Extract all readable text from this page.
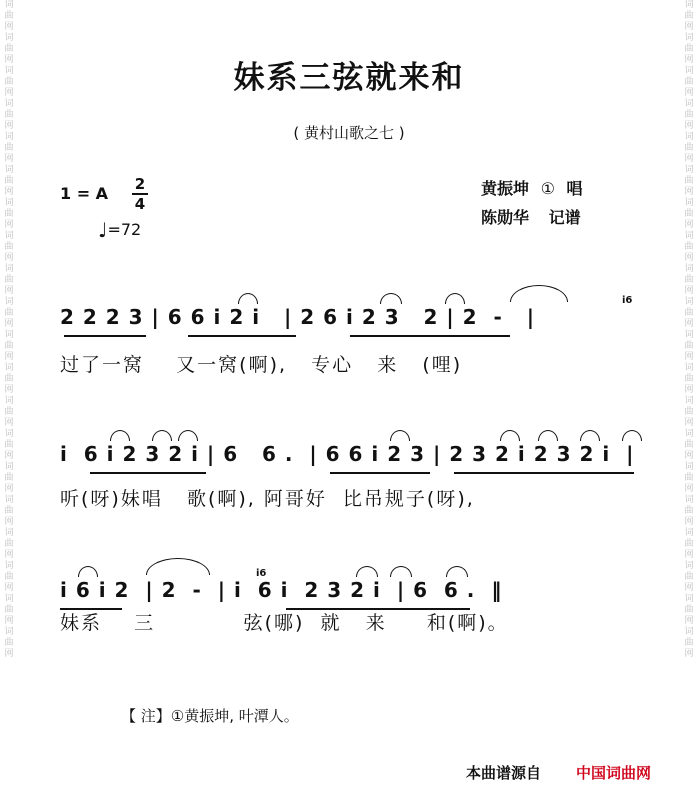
词
曲
网
词
曲
网
词
曲
网
词
曲
网
词
曲
网
词
曲
网
词
曲
网
词
曲
网
词
曲
网
词
曲
网
词
曲
网
词
曲
网
词
曲
网
词
曲
网
词
曲
网
词
曲
网
词
曲
网
词
曲
网
词
曲
网
词
曲
网
词
曲
网
词
曲
网
词
曲
网
词
曲
网
词
曲
网
词
曲
网
词
曲
网
词
曲
网
词
曲
网
词
曲
网
词
曲
网
词
曲
网
词
曲
网
词
曲
网
词
曲
网
词
曲
网
词
曲
网
词
曲
网
词
曲
网
词
曲
网
妹系三弦就来和
( 黄村山歌之七 )
1 = A 2
4
♩ =72
黄振坤 ① 唱
陈勋华 记谱
2 2 2 3 | 6 6 i 2 i   | 2 6 i 2 3   2 | 2  -   |
i6
过了一窝    又一窝(啊),   专心   来   (哩)
i  6 i 2 3 2 i | 6   6 .  | 6 6 i 2 3 | 2 3 2 i 2 3 2 i  |
听(呀)妹唱   歌(啊), 阿哥好  比吊规子(呀),
i 6 i 2  | 2  -  | i  6 i  2 3 2 i  | 6  6 .  ‖
i6
妹系    三           弦(哪)  就   来     和(啊)。
【 注】①黄振坤, 叶潭人。
本曲谱源自 中国词曲网
